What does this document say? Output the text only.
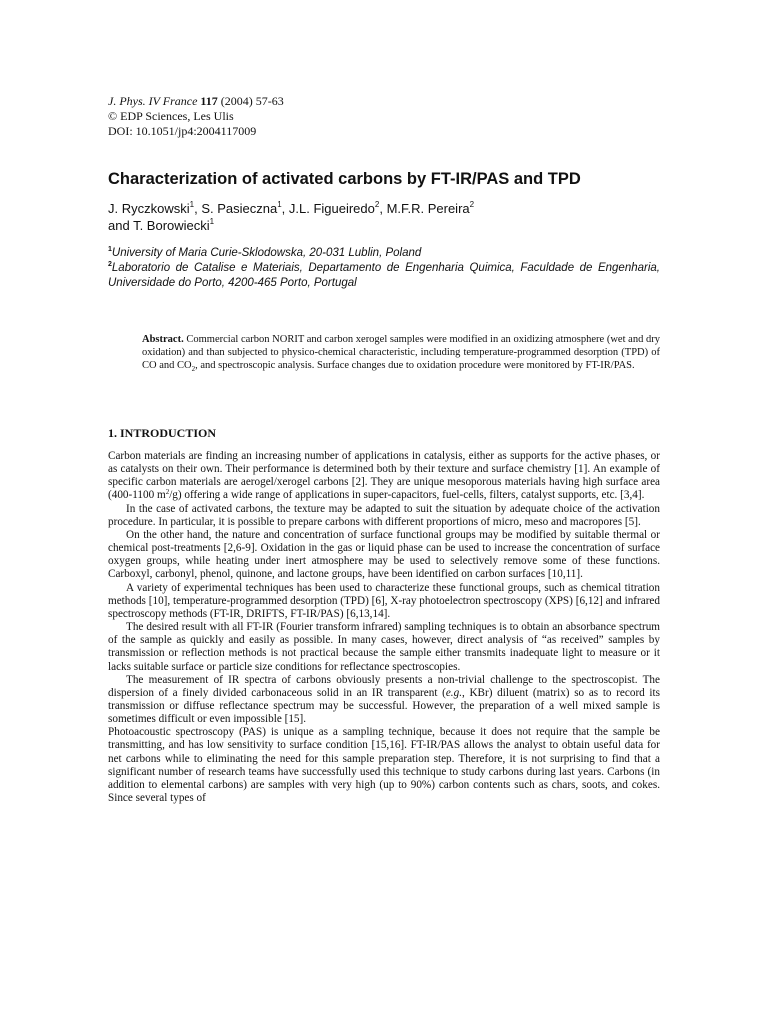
J. Phys. IV France 117 (2004) 57-63
© EDP Sciences, Les Ulis
DOI: 10.1051/jp4:2004117009
Characterization of activated carbons by FT-IR/PAS and TPD
J. Ryczkowski$^1$, S. Pasieczna$^1$, J.L. Figueiredo$^2$, M.F.R. Pereira$^2$
and T. Borowiecki$^1$

$^1$University of Maria Curie-Sklodowska, 20-031 Lublin, Poland

$^2$Laboratorio de Catalise e Materiais, Departamento de Engenharia Quimica, Faculdade de Engenharia, Universidade do Porto, 4200-465 Porto, Portugal

Abstract. Commercial carbon NORIT and carbon xerogel samples were modified in an oxidizing atmosphere (wet and dry oxidation) and than subjected to physico-chemical characteristic, including temperature-programmed desorption (TPD) of CO and $CO_2$, and spectroscopic analysis. Surface changes due to oxidation procedure were monitored by FT-IR/PAS.
1. INTRODUCTION

Carbon materials are finding an increasing number of applications in catalysis, either as supports for the active phases, or as catalysts on their own. Their performance is determined both by their texture and surface chemistry [1]. An example of specific carbon materials are aerogel/xerogel carbons [2]. They are unique mesoporous materials having high surface area (400-1100 $m^2/g$) offering a wide range of applications in super-capacitors, fuel-cells, filters, catalyst supports, etc. [3,4].

In the case of activated carbons, the texture may be adapted to suit the situation by adequate choice of the activation procedure. In particular, it is possible to prepare carbons with different proportions of micro, meso and macropores [5].

On the other hand, the nature and concentration of surface functional groups may be modified by suitable thermal or chemical post-treatments [2,6-9]. Oxidation in the gas or liquid phase can be used to increase the concentration of surface oxygen groups, while heating under inert atmosphere may be used to selectively remove some of these functions. Carboxyl, carbonyl, phenol, quinone, and lactone groups, have been identified on carbon surfaces [10,11].

A variety of experimental techniques has been used to characterize these functional groups, such as chemical titration methods [10], temperature-programmed desorption (TPD) [6], X-ray photoelectron spectroscopy (XPS) [6,12] and infrared spectroscopy methods (FT-IR, DRIFTS, FT-IR/PAS) [6,13,14].

The desired result with all FT-IR (Fourier transform infrared) sampling techniques is to obtain an absorbance spectrum of the sample as quickly and easily as possible. In many cases, however, direct analysis of “as received” samples by transmission or reflection methods is not practical because the sample either transmits inadequate light to measure or it lacks suitable surface or particle size conditions for reflectance spectroscopies.

The measurement of IR spectra of carbons obviously presents a non-trivial challenge to the spectroscopist. The dispersion of a finely divided carbonaceous solid in an IR transparent (e.g., KBr) diluent (matrix) so as to record its transmission or diffuse reflectance spectrum may be successful. However, the preparation of a well mixed sample is sometimes difficult or even impossible [15].

Photoacoustic spectroscopy (PAS) is unique as a sampling technique, because it does not require that the sample be transmitting, and has low sensitivity to surface condition [15,16]. FT-IR/PAS allows the analyst to obtain useful data for net carbons while to eliminating the need for this sample preparation step. Therefore, it is not surprising to find that a significant number of research teams have successfully used this technique to study carbons during last years. Carbons (in addition to elemental carbons) are samples with very high (up to 90%) carbon contents such as chars, soots, and cokes. Since several types of
